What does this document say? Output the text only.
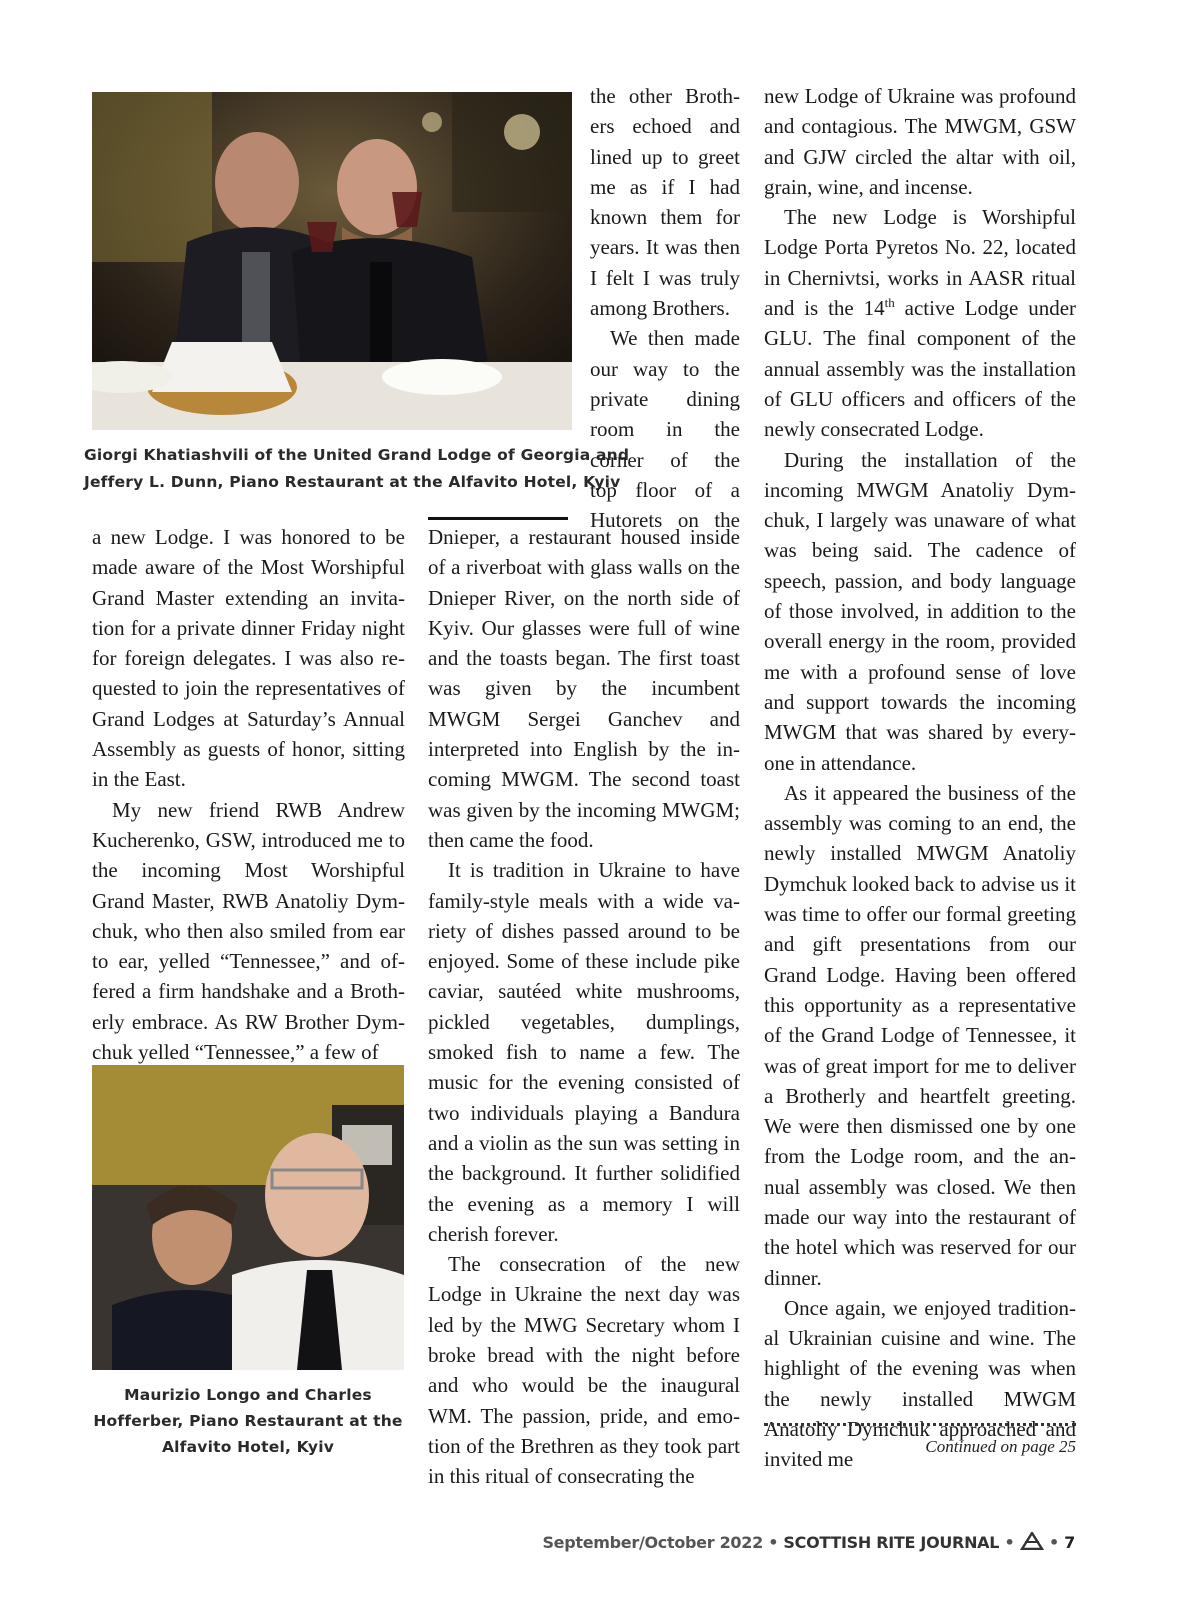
Giorgi Khatiashvili of the United Grand Lodge of Georgia and
Jeffery L. Dunn, Piano Restaurant at the Alfavito Hotel, Kyiv
the other Broth-
ers echoed and
lined up to greet
me as if I had
known them for
years. It was then
I felt I was truly
among Brothers.
We then made
our way to the
private dining
room in the
corner of the
top floor of a
Hutorets on the

a new Lodge. I was honored to be made aware of the Most Worshipful Grand Master extending an invitation for a private dinner Friday night for foreign delegates. I was also requested to join the representatives of Grand Lodges at Saturday’s Annual Assembly as guests of honor, sitting in the East.

My new friend RWB Andrew Kucherenko, GSW, introduced me to the incoming Most Worshipful Grand Master, RWB Anatoliy Dymchuk, who then also smiled from ear to ear, yelled “Tennessee,” and offered a firm handshake and a Brotherly embrace. As RW Brother Dymchuk yelled “Tennessee,” a few of

Maurizio Longo and Charles
Hofferber, Piano Restaurant at the
Alfavito Hotel, Kyiv

Dnieper, a restaurant housed inside of a riverboat with glass walls on the Dnieper River, on the north side of Kyiv. Our glasses were full of wine and the toasts began. The first toast was given by the incumbent MWGM Sergei Ganchev and interpreted into English by the incoming MWGM. The second toast was given by the incoming MWGM; then came the food.

It is tradition in Ukraine to have family-style meals with a wide variety of dishes passed around to be enjoyed. Some of these include pike caviar, sautéed white mushrooms, pickled vegetables, dumplings, smoked fish to name a few. The music for the evening consisted of two individuals playing a Bandura and a violin as the sun was setting in the background. It further solidified the evening as a memory I will cherish forever.

The consecration of the new Lodge in Ukraine the next day was led by the MWG Secretary whom I broke bread with the night before and who would be the inaugural WM. The passion, pride, and emotion of the Brethren as they took part in this ritual of consecrating the

new Lodge of Ukraine was profound and contagious. The MWGM, GSW and GJW circled the altar with oil, grain, wine, and incense.

The new Lodge is Worshipful Lodge Porta Pyretos No. 22, located in Chernivtsi, works in AASR ritual and is the 14th active Lodge under GLU. The final component of the annual assembly was the installation of GLU officers and officers of the newly consecrated Lodge.

During the installation of the incoming MWGM Anatoliy Dymchuk, I largely was unaware of what was being said. The cadence of speech, passion, and body language of those involved, in addition to the overall energy in the room, provided me with a profound sense of love and support towards the incoming MWGM that was shared by everyone in attendance.

As it appeared the business of the assembly was coming to an end, the newly installed MWGM Anatoliy Dymchuk looked back to advise us it was time to offer our formal greeting and gift presentations from our Grand Lodge. Having been offered this opportunity as a representative of the Grand Lodge of Tennessee, it was of great import for me to deliver a Brotherly and heartfelt greeting. We were then dismissed one by one from the Lodge room, and the annual assembly was closed. We then made our way into the restaurant of the hotel which was reserved for our dinner.

Once again, we enjoyed traditional Ukrainian cuisine and wine. The highlight of the evening was when the newly installed MWGM Anatoliy Dymchuk approached and invited me

Continued on page 25
September/October 2022 • SCOTTISH RITE JOURNAL • • 7
